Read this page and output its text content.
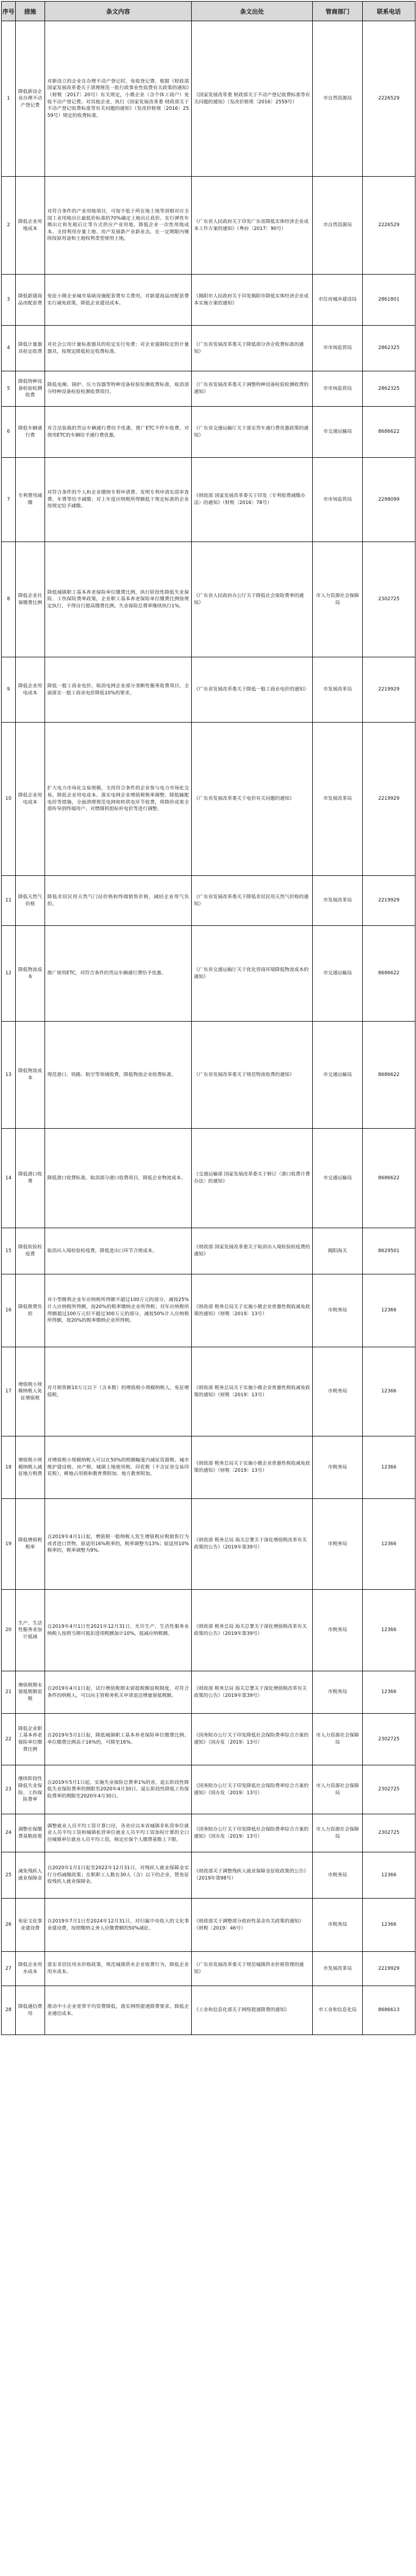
序号	措施	条文内容	条文出处	管商部门	联系电话
1	降低新设企业办理不动产登记费	对新设立的企业在办理不动产登记时，免收登记费。根据《财政部 国家发展改革委关于清理规范一批行政事业性收费有关政策的通知》（财税〔2017〕20号）有关规定，小微企业（含个体工商户）免收不动产登记费。对其他企业，执行《国家发展改革委 财政部关于不动产登记收费标准等有关问题的通知》（发改价格规〔2016〕2559号）规定的收费标准。	《国家发展改革委 财政部关于不动产登记收费标准等有关问题的通知》（发改价格规〔2016〕2559号）	市自然资源局	2226529
2	降低企业用地成本	对符合条件的产业用地项目，可按不低于所在地土地等别相对应全国工业用地出让最低价标准的70%确定土地出让底价。实行弹性年期出让和先租后让等方式供应产业用地，降低企业一次性用地成本。支持利用存量土地、房产发展新产业新业态，在一定期限内继续按原用途和土地权利类型使用土地。	《广东省人民政府关于印发广东省降低实体经济企业成本工作方案的通知》（粤府〔2017〕90号）	市自然资源局	2226529
3	降低新建商品房配套费	免征小微企业城市基础设施配套费有关费用，对新建商品房配套费实行减免政策，降低企业建设成本。	《揭阳市人民政府关于印发揭阳市降低实体经济企业成本实施方案的通知》	市住房城乡建设局	2861801
4	降低计量器具检定收费	对社会公用计量标准器具的检定实行免费；对企业强制检定的计量器具，按规定降低检定收费标准。	《广东省发展改革委关于降低部分涉企收费标准的通知》	市市场监管局	2862325
5	降低特种设备检验检测收费	降低电梯、锅炉、压力容器等特种设备检验检测收费标准，取消部分特种设备检验检测收费项目。	《广东省发展改革委关于调整特种设备检验检测收费的通知》	市市场监管局	2862325
6	降低车辆通行费	对合法装载的货运车辆通行费给予优惠，推广ETC不停车收费，对使用ETC的车辆给予通行费优惠。	《广东省交通运输厅关于落实货车通行费优惠政策的通知》	市交通运输局	8686622
7	专利费用减缴	对符合条件的个人和企业缴纳专利申请费、发明专利申请实质审查费、年费等给予减缴；对上年度应纳税所得额低于规定标准的企业按规定给予减缴。	《财政部 国家发展改革委关于印发〈专利收费减缴办法〉的通知》（财税〔2016〕78号）	市市场监管局	2298099
8	降低企业社保缴费比例	降低城镇职工基本养老保险单位缴费比例，执行阶段性降低失业保险、工伤保险费率政策，企业职工基本养老保险单位缴费比例按规定执行，不得自行提高缴费比例。失业保险总费率继续执行1%。	《广东省人民政府办公厅关于降低社会保险费率的通知》	市人力资源社会保障局	2302725
9	降低企业用电成本	降低一般工商业电价，取消电网企业部分垄断性服务收费项目，全面落实一般工商业电价降低10%的要求。	《广东省发展改革委关于降低一般工商业电价的通知》	市发展改革局	2219929
10	降低企业用电成本	扩大电力市场化交易规模，支持符合条件的企业参与电力市场化交易，降低企业用电成本。落实电网企业增值税税率调整、降低输配电价等措施，全面清理规范电网和转供电环节收费，将降价成果全部传导到终端用户。对燃煤机组标杆电价等进行调整。	《广东省发展改革委关于电价有关问题的通知》	市发展改革局	2219929
11	降低天然气价格	降低非居民用天然气门站价格和终端销售价格，减轻企业用气负担。	《广东省发展改革委关于降低非居民用天然气价格的通知》	市发展改革局	2219929
12	降低物流成本	推广使用ETC，对符合条件的货运车辆通行费给予优惠。	《广东省交通运输厅关于优化营商环境降低物流成本的通知》	市交通运输局	8686622
13	降低物流成本	规范港口、铁路、航空等领域收费，降低物流企业收费标准。	《广东省发展改革委关于规范物流收费的通知》	市交通运输局	8686622
14	降低港口收费	降低港口收费标准，取消部分港口收费项目，降低企业物流成本。	《交通运输部 国家发展改革委关于修订〈港口收费计费办法〉的通知》	市交通运输局	8686622
15	降低检验检疫费	取消出入境检验检疫费，降低进出口环节合规成本。	《财政部 国家发展改革委关于取消出入境检验检疫费的通知》	揭阳海关	8629501
16	降低税费负担	对小型微利企业年应纳税所得额不超过100万元的部分，减按25%计入应纳税所得额，按20%的税率缴纳企业所得税；对年应纳税所得额超过100万元但不超过300万元的部分，减按50%计入应纳税所得额，按20%的税率缴纳企业所得税。	《财政部 税务总局关于实施小微企业普惠性税收减免政策的通知》（财税〔2019〕13号）	市税务局	12366
17	增值税小规模纳税人免征增值税	对月销售额10万元以下（含本数）的增值税小规模纳税人，免征增值税。	《财政部 税务总局关于实施小微企业普惠性税收减免政策的通知》（财税〔2019〕13号）	市税务局	12366
18	增值税小规模纳税人减征地方税费	对增值税小规模纳税人可以在50%的税额幅度内减征资源税、城市维护建设税、房产税、城镇土地使用税、印花税（不含证券交易印花税）、耕地占用税和教育费附加、地方教育附加。	《财政部 税务总局关于实施小微企业普惠性税收减免政策的通知》（财税〔2019〕13号）	市税务局	12366
19	降低增值税税率	自2019年4月1日起，增值税一般纳税人发生增值税应税销售行为或者进口货物，原适用16%税率的，税率调整为13%；原适用10%税率的，税率调整为9%。	《财政部 税务总局 海关总署关于深化增值税改革有关政策的公告》（2019年第39号）	市税务局	12366
20	生产、生活性服务业加计抵减	自2019年4月1日至2021年12月31日，允许生产、生活性服务业纳税人按照当期可抵扣进项税额加计10%，抵减应纳税额。	《财政部 税务总局 海关总署关于深化增值税改革有关政策的公告》（2019年第39号）	市税务局	12366
21	增值税期末留抵税额退税	自2019年4月1日起，试行增值税期末留抵税额退税制度，对符合条件的纳税人，可以向主管税务机关申请退还增量留抵税额。	《财政部 税务总局 海关总署关于深化增值税改革有关政策的公告》（2019年第39号）	市税务局	12366
22	降低企业职工基本养老保险单位缴费比例	自2019年5月1日起，降低城镇职工基本养老保险单位缴费比例。单位缴费比例高于16%的，可降至16%。	《国务院办公厅关于印发降低社会保险费率综合方案的通知》（国办发〔2019〕13号）	市人力资源社会保障局	2302725
23	继续阶段性降低失业保险、工伤保险费率	自2019年5月1日起，实施失业保险总费率1%的省，延长阶段性降低失业保险费率的期限至2020年4月30日。延长阶段性降低工伤保险费率的期限至2020年4月30日。	《国务院办公厅关于印发降低社会保险费率综合方案的通知》（国办发〔2019〕13号）	市人力资源社会保障局	2302725
24	调整社保缴费基数政策	调整就业人员平均工资计算口径，各省应以本省城镇非私营单位就业人员平均工资和城镇私营单位就业人员平均工资加权计算的全口径城镇单位就业人员平均工资，核定社保个人缴费基数上下限。	《国务院办公厅关于印发降低社会保险费率综合方案的通知》（国办发〔2019〕13号）	市人力资源社会保障局	2302725
25	减免残疾人就业保障金	自2020年1月1日起至2022年12月31日，对残疾人就业保障金实行分档减缴政策；在职职工人数在30人（含）以下的企业，暂免征收残疾人就业保障金。	《财政部关于调整残疾人就业保障金征收政策的公告》（2019年第98号）	市税务局	12366
26	免征文化事业建设费	自2019年7月1日至2024年12月31日，对归属中央收入的文化事业建设费，按照缴纳义务人应缴费额的50%减征。	《财政部关于调整部分政府性基金有关政策的通知》（财税〔2019〕46号）	市税务局	12366
27	降低企业用水成本	落实非居民用水价格政策，规范城镇供水企业收费行为，降低企业用水成本。	《广东省发展改革委关于规范城镇供水价格管理的通知》	市发展改革局	2219929
28	降低通信费用	推动中小企业宽带平均资费降低，落实网络提速降费要求，降低企业通信成本。	《工业和信息化部关于网络提速降费的通知》	市工业和信息化局	8686613
